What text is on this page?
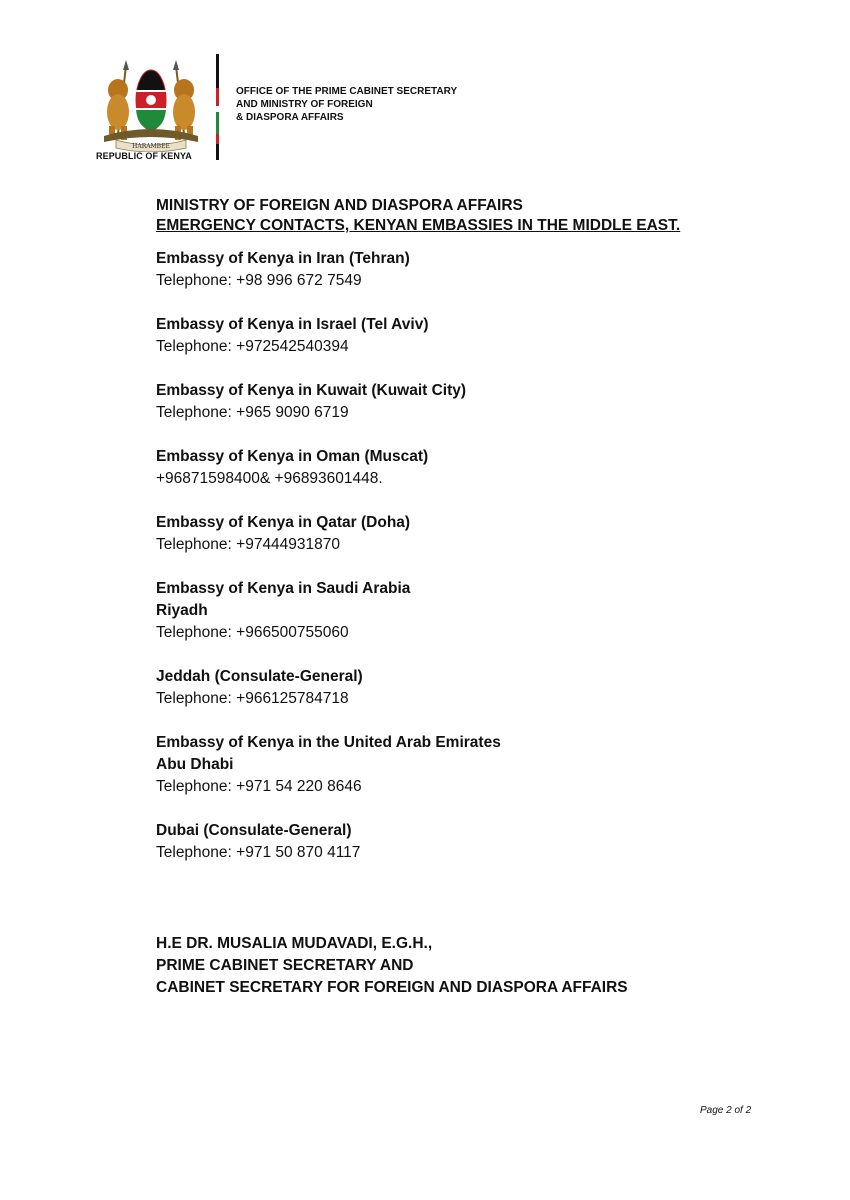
HARAMBEE
REPUBLIC OF KENYA
OFFICE OF THE PRIME CABINET SECRETARY
AND MINISTRY OF FOREIGN
& DIASPORA AFFAIRS
MINISTRY OF FOREIGN AND DIASPORA AFFAIRS
EMERGENCY CONTACTS, KENYAN EMBASSIES IN THE MIDDLE EAST.
Embassy of Kenya in Iran (Tehran)
Telephone: +98 996 672 7549
Embassy of Kenya in Israel (Tel Aviv)
Telephone: +972542540394
Embassy of Kenya in Kuwait (Kuwait City)
Telephone: +965 9090 6719
Embassy of Kenya in Oman (Muscat)
+96871598400& +96893601448.
Embassy of Kenya in Qatar (Doha)
Telephone: +97444931870
Embassy of Kenya in Saudi Arabia
Riyadh
Telephone: +966500755060
Jeddah (Consulate-General)
Telephone: +966125784718
Embassy of Kenya in the United Arab Emirates
Abu Dhabi
Telephone: +971 54 220 8646
Dubai (Consulate-General)
Telephone: +971 50 870 4117
H.E DR. MUSALIA MUDAVADI, E.G.H.,
PRIME CABINET SECRETARY AND
CABINET SECRETARY FOR FOREIGN AND DIASPORA AFFAIRS
Page 2 of 2
